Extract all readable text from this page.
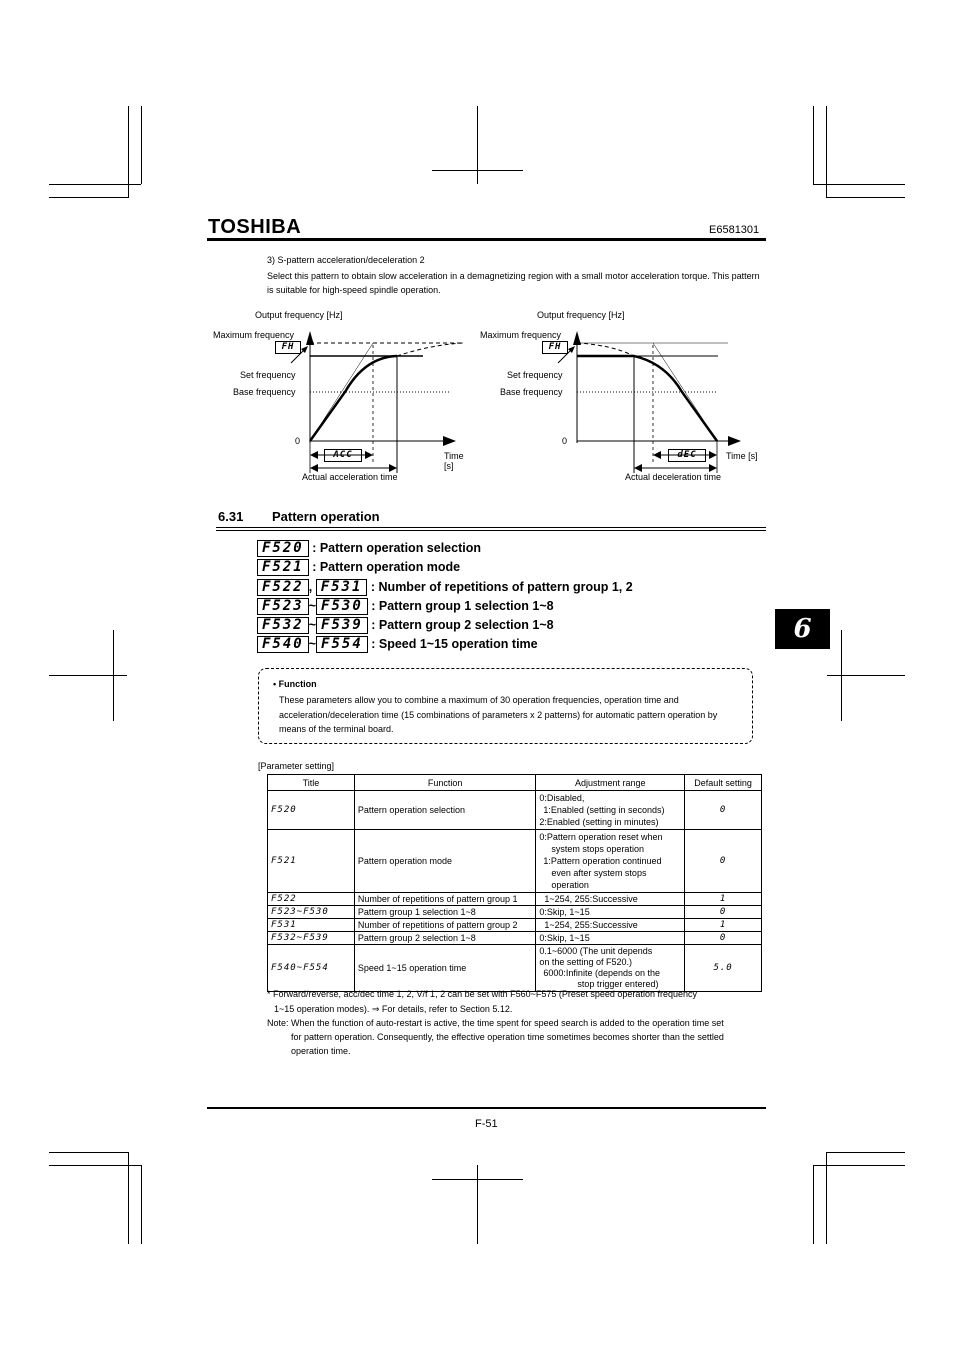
TOSHIBA	E6581301
3) S-pattern acceleration/deceleration 2
Select this pattern to obtain slow acceleration in a demagnetizing region with a small motor acceleration torque. This pattern is suitable for high-speed spindle operation.
Output frequency [Hz]
Maximum frequency
FH
Set frequency
Base frequency
0
Time [s]
ACC
Actual acceleration time
Output frequency [Hz]
Maximum frequency
FH
Set frequency
Base frequency
0
Time [s]
dEC
Actual deceleration time
6.31 Pattern operation
F520 : Pattern operation selection
F521 : Pattern operation mode
F522 , F531 : Number of repetitions of pattern group 1, 2
F523 ~ F530 : Pattern group 1 selection 1~8
F532 ~ F539 : Pattern group 2 selection 1~8
F540 ~ F554 : Speed 1~15 operation time
• Function
These parameters allow you to combine a maximum of 30 operation frequencies, operation time and acceleration/deceleration time (15 combinations of parameters x 2 patterns) for automatic pattern operation by means of the terminal board.
[Parameter setting]
Title	Function	Adjustment range	Default setting
F520	Pattern operation selection	0:Disabled,
1:Enabled (setting in seconds)
2:Enabled (setting in minutes)	0
F521	Pattern operation mode	0:Pattern operation reset when
system stops operation
1:Pattern operation continued
even after system stops
operation	0
F522	Number of repetitions of pattern group 1	1~254, 255:Successive	1
F523~F530	Pattern group 1 selection 1~8	0:Skip, 1~15	0
F531	Number of repetitions of pattern group 2	1~254, 255:Successive	1
F532~F539	Pattern group 2 selection 1~8	0:Skip, 1~15	0
F540~F554	Speed 1~15 operation time	0.1~6000 (The unit depends
on the setting of F520.)
6000:Infinite (depends on the
stop trigger entered)	5.0
* Forward/reverse, acc/dec time 1, 2, V/f 1, 2 can be set with F560~F575 (Preset speed operation frequency
1~15 operation modes). ⇒ For details, refer to Section 5.12.
Note: When the function of auto-restart is active, the time spent for speed search is added to the operation time set
for pattern operation. Consequently, the effective operation time sometimes becomes shorter than the settled
operation time.
6
F-51
